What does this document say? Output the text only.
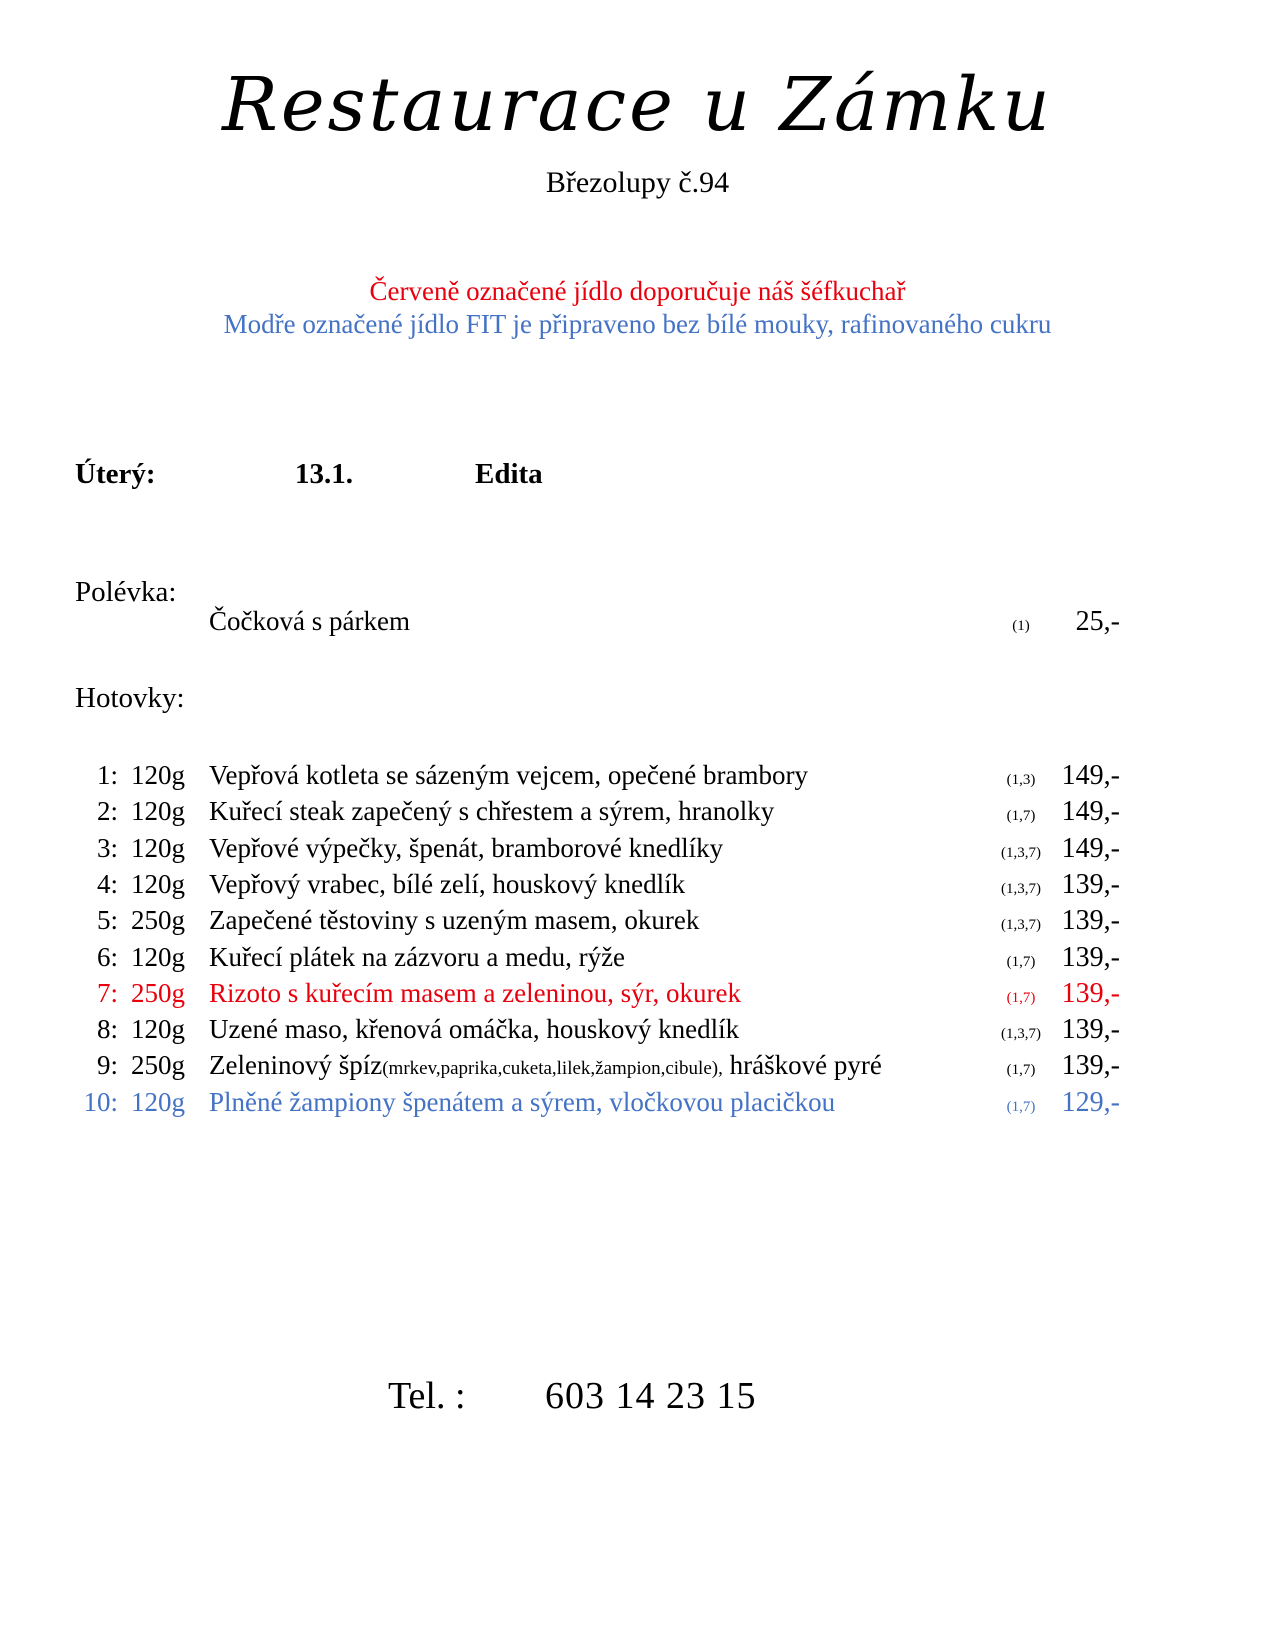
Restaurace u Zámku
Březolupy č.94
Červeně označené jídlo doporučuje náš šéfkuchař
Modře označené jídlo FIT je připraveno bez bílé mouky, rafinovaného cukru
Úterý:	13.1.	Edita
Polévka:
Čočková s párkem	(1)	25,-
Hotovky:
1: 120g Vepřová kotleta se sázeným vejcem, opečené brambory	(1,3) 149,-
2: 120g Kuřecí steak zapečený s chřestem a sýrem, hranolky	(1,7) 149,-
3: 120g Vepřové výpečky, špenát, bramborové knedlíky	(1,3,7) 149,-
4: 120g Vepřový vrabec, bílé zelí, houskový knedlík	(1,3,7) 139,-
5: 250g Zapečené těstoviny s uzeným masem, okurek	(1,3,7) 139,-
6: 120g Kuřecí plátek na zázvoru a medu, rýže	(1,7) 139,-
7: 250g Rizoto s kuřecím masem a zeleninou, sýr, okurek	(1,7) 139,-
8: 120g Uzené maso, křenová omáčka, houskový knedlík	(1,3,7) 139,-
9: 250g Zeleninový špíz(mrkev,paprika,cuketa,lilek,žampion,cibule), hráškové pyré	(1,7) 139,-
10: 120g Plněné žampiony špenátem a sýrem, vločkovou placičkou	(1,7) 129,-
Tel. : 603 14 23 15
